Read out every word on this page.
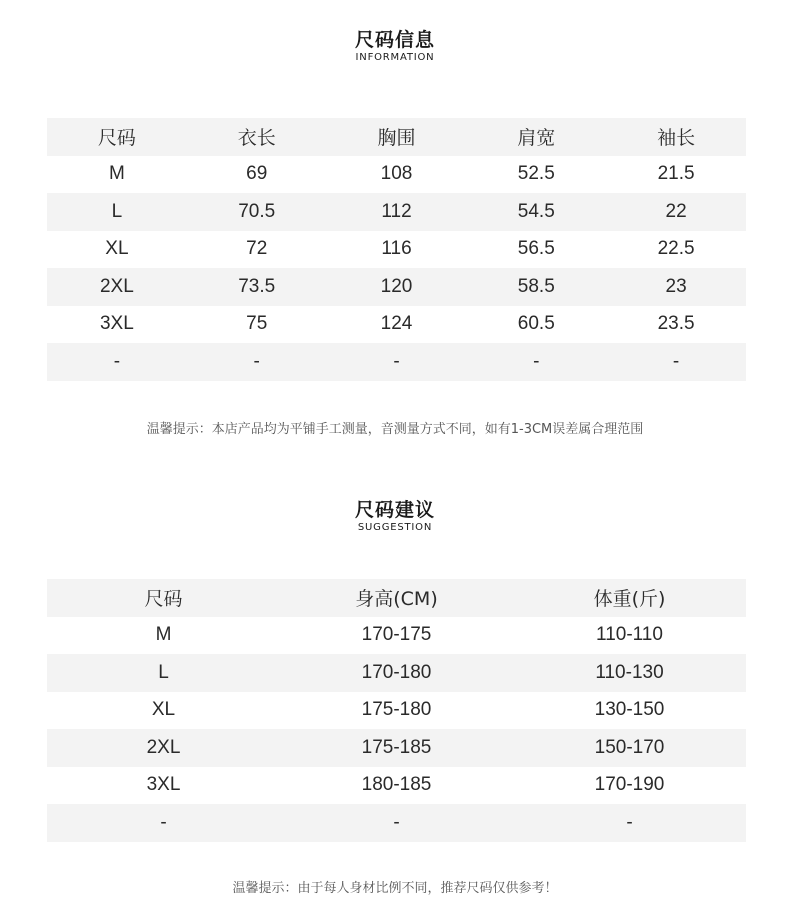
尺码信息
INFORMATION
尺码	衣长	胸围	肩宽	袖长
M	69	108	52.5	21.5
L	70.5	112	54.5	22
XL	72	116	56.5	22.5
2XL	73.5	120	58.5	23
3XL	75	124	60.5	23.5
-	-	-	-	-
温馨提示：本店产品均为平铺手工测量，音测量方式不同，如有1-3CM误差属合理范围
尺码建议
SUGGESTION
尺码	身高(CM)	体重(斤)
M	170-175	110-110
L	170-180	110-130
XL	175-180	130-150
2XL	175-185	150-170
3XL	180-185	170-190
-	-	-
温馨提示：由于每人身材比例不同，推荐尺码仅供参考！
